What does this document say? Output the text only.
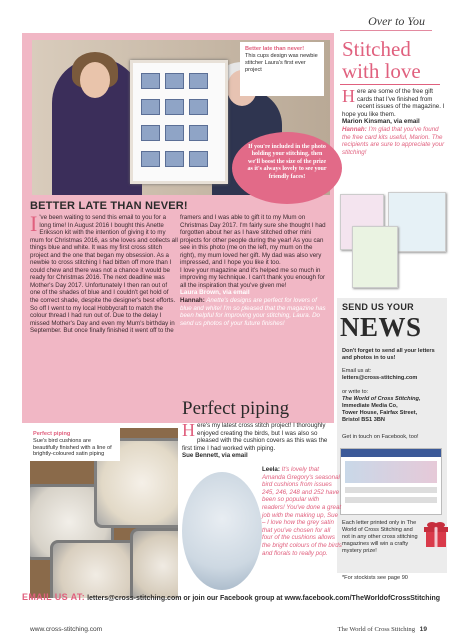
Over to You
Better late than never!
This cups design was newbie stitcher Laura's first ever project
If you're included in the photo holding your stitching, then we'll boost the size of the prize as it's always lovely to see your friendly faces!
BETTER LATE THAN NEVER!
I 've been waiting to send this email to you for a long time! In August 2016 I bought this Anette Eriksson kit with the intention of giving it to my mum for Christmas 2016, as she loves and collects all things blue and white. It was my first cross stitch project and the one that began my obsession. As a newbie to cross stitching I had bitten off more than I could chew and there was not a chance it would be ready for Christmas 2016. The next deadline was Mother's Day 2017. Unfortunately I then ran out of one of the shades of blue and I couldn't get hold of the correct shade, despite the designer's best efforts. So off I went to my local Hobbycraft to match the colour thread I had run out of. Due to the delay I missed Mother's Day and even my Mum's birthday in September. But once finally finished it went off to the
framers and I was able to gift it to my Mum on Christmas Day 2017. I'm fairly sure she thought I had forgotten about her as I have stitched other mini projects for other people during the year! As you can see in this photo (me on the left, my mum on the right), my mum loved her gift. My dad was also very impressed, and I hope you like it too.
I love your magazine and it's helped me so much in improving my technique. I can't thank you enough for all the inspiration that you've given me!
Laura Brown, via email
Hannah: Anette's designs are perfect for lovers of blue and white! I'm so pleased that the magazine has been helpful for improving your stitching, Laura. Do send us photos of your future finishes!
Stitched with love
Here are some of the free gift cards that I've finished from recent issues of the magazine. I hope you like them.
Marion Kinsman, via email
Hannah: I'm glad that you've found the free card kits useful, Marion. The recipients are sure to appreciate your stitching!
SEND US YOUR
NEWS
Don't forget to send all your letters and photos in to us!
Email us at:
letters@cross-stitching.com
or write to:
The World of Cross Stitching,
Immediate Media Co,
Tower House, Fairfax Street,
Bristol BS1 3BN
Get in touch on Facebook, too!
Each letter printed only in The World of Cross Stitching and not in any other cross stitching magazines will win a crafty mystery prize!
*For stockists see page 90
Perfect piping
Sue's bird cushions are beautifully finished with a line of brightly-coloured satin piping
Perfect piping
Here's my latest cross stitch project! I thoroughly enjoyed creating the birds, but I was also so pleased with the cushion covers as this was the first time I had worked with piping.
Sue Bennett, via email
Leela: It's lovely that Amanda Gregory's seasonal bird cushions from issues 245, 246, 248 and 252 have been so popular with readers! You've done a great job with the making up, Sue – I love how the grey satin that you've chosen for all four of the cushions allows the bright colours of the birds and florals to really pop.
EMAIL US AT: letters@cross-stitching.com or join our Facebook group at www.facebook.com/TheWorldofCrossStitching
www.cross-stitching.com	The World of Cross Stitching 19
